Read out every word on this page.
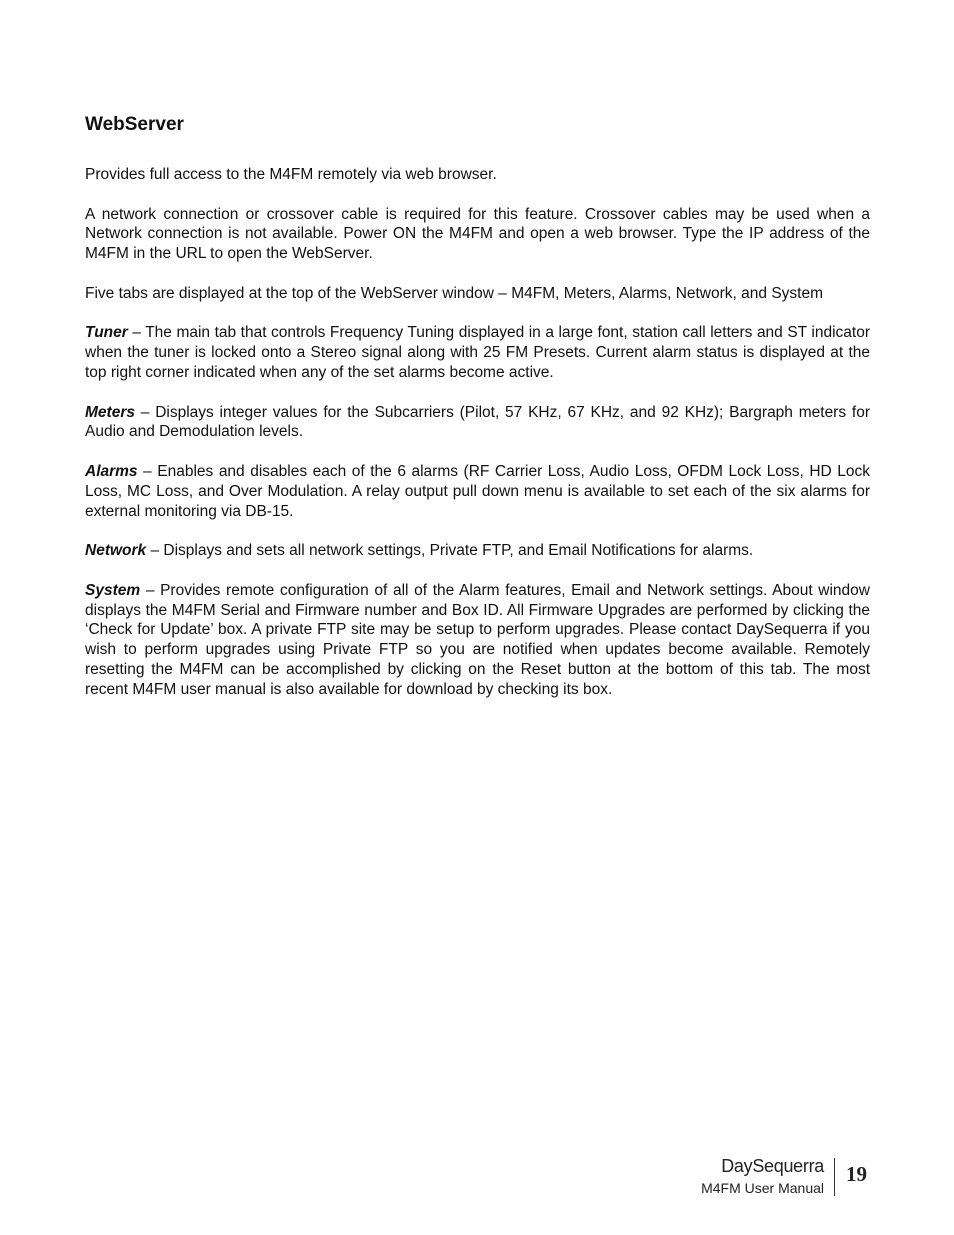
WebServer

Provides full access to the M4FM remotely via web browser.

A network connection or crossover cable is required for this feature. Crossover cables may be used when a Network connection is not available. Power ON the M4FM and open a web browser. Type the IP address of the M4FM in the URL to open the WebServer.

Five tabs are displayed at the top of the WebServer window – M4FM, Meters, Alarms, Network, and System

Tuner – The main tab that controls Frequency Tuning displayed in a large font, station call letters and ST indicator when the tuner is locked onto a Stereo signal along with 25 FM Presets. Current alarm status is displayed at the top right corner indicated when any of the set alarms become active.

Meters – Displays integer values for the Subcarriers (Pilot, 57 KHz, 67 KHz, and 92 KHz); Bargraph meters for Audio and Demodulation levels.

Alarms – Enables and disables each of the 6 alarms (RF Carrier Loss, Audio Loss, OFDM Lock Loss, HD Lock Loss, MC Loss, and Over Modulation. A relay output pull down menu is available to set each of the six alarms for external monitoring via DB-15.

Network – Displays and sets all network settings, Private FTP, and Email Notifications for alarms.

System – Provides remote configuration of all of the Alarm features, Email and Network settings. About window displays the M4FM Serial and Firmware number and Box ID. All Firmware Upgrades are performed by clicking the ‘Check for Update’ box. A private FTP site may be setup to perform upgrades. Please contact DaySequerra if you wish to perform upgrades using Private FTP so you are notified when updates become available. Remotely resetting the M4FM can be accomplished by clicking on the Reset button at the bottom of this tab. The most recent M4FM user manual is also available for download by checking its box.

DaySequerra
M4FM User Manual
19
